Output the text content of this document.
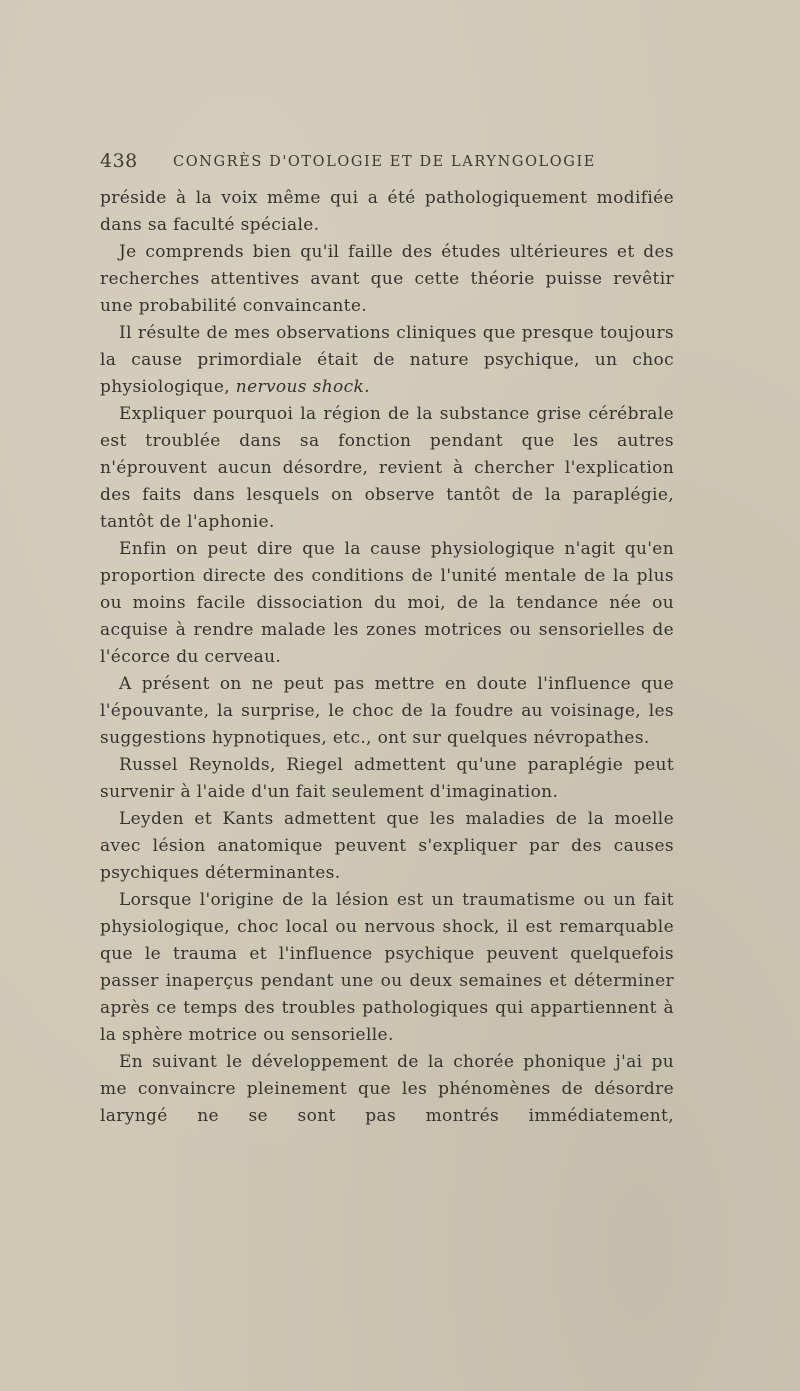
438 CONGRÈS D'OTOLOGIE ET DE LARYNGOLOGIE

préside à la voix même qui a été pathologiquement modifiée dans sa faculté spéciale.

Je comprends bien qu'il faille des études ultérieures et des recherches attentives avant que cette théorie puisse revêtir une probabilité convaincante.

Il résulte de mes observations cliniques que presque toujours la cause primordiale était de nature psychique, un choc physiologique, nervous shock.

Expliquer pourquoi la région de la substance grise cérébrale est troublée dans sa fonction pendant que les autres n'éprouvent aucun désordre, revient à chercher l'explication des faits dans lesquels on observe tantôt de la paraplégie, tantôt de l'aphonie.

Enfin on peut dire que la cause physiologique n'agit qu'en proportion directe des conditions de l'unité mentale de la plus ou moins facile dissociation du moi, de la tendance née ou acquise à rendre malade les zones motrices ou sensorielles de l'écorce du cerveau.

A présent on ne peut pas mettre en doute l'influence que l'épouvante, la surprise, le choc de la foudre au voisinage, les suggestions hypnotiques, etc., ont sur quelques névropathes.

Russel Reynolds, Riegel admettent qu'une paraplégie peut survenir à l'aide d'un fait seulement d'imagination.

Leyden et Kants admettent que les maladies de la moelle avec lésion anatomique peuvent s'expliquer par des causes psychiques déterminantes.

Lorsque l'origine de la lésion est un traumatisme ou un fait physiologique, choc local ou nervous shock, il est remarquable que le trauma et l'influence psychique peuvent quelquefois passer inaperçus pendant une ou deux semaines et déterminer après ce temps des troubles pathologiques qui appartiennent à la sphère motrice ou sensorielle.

En suivant le développement de la chorée phonique j'ai pu me convaincre pleinement que les phénomènes de désordre laryngé ne se sont pas montrés immédiatement,
